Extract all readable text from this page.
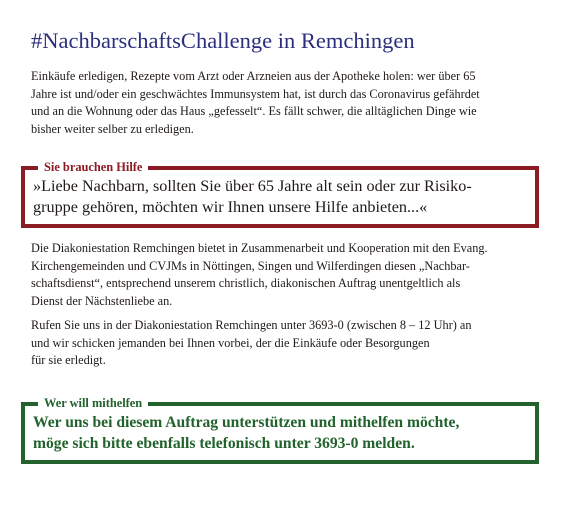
#NachbarschaftsChallenge in Remchingen

Einkäufe erledigen, Rezepte vom Arzt oder Arzneien aus der Apotheke holen: wer über 65
Jahre ist und/oder ein geschwächtes Immunsystem hat, ist durch das Coronavirus gefährdet
und an die Wohnung oder das Haus „gefesselt“. Es fällt schwer, die alltäglichen Dinge wie
bisher weiter selber zu erledigen.

Sie brauchen Hilfe

»Liebe Nachbarn, sollten Sie über 65 Jahre alt sein oder zur Risiko-
gruppe gehören, möchten wir Ihnen unsere Hilfe anbieten...«

Die Diakoniestation Remchingen bietet in Zusammenarbeit und Kooperation mit den Evang.
Kirchengemeinden und CVJMs in Nöttingen, Singen und Wilferdingen diesen „Nachbar-
schaftsdienst“, entsprechend unserem christlich, diakonischen Auftrag unentgeltlich als
Dienst der Nächstenliebe an.

Rufen Sie uns in der Diakoniestation Remchingen unter 3693-0 (zwischen 8 – 12 Uhr) an
und wir schicken jemanden bei Ihnen vorbei, der die Einkäufe oder Besorgungen
für sie erledigt.

Wer will mithelfen

Wer uns bei diesem Auftrag unterstützen und mithelfen möchte,
möge sich bitte ebenfalls telefonisch unter 3693-0 melden.
